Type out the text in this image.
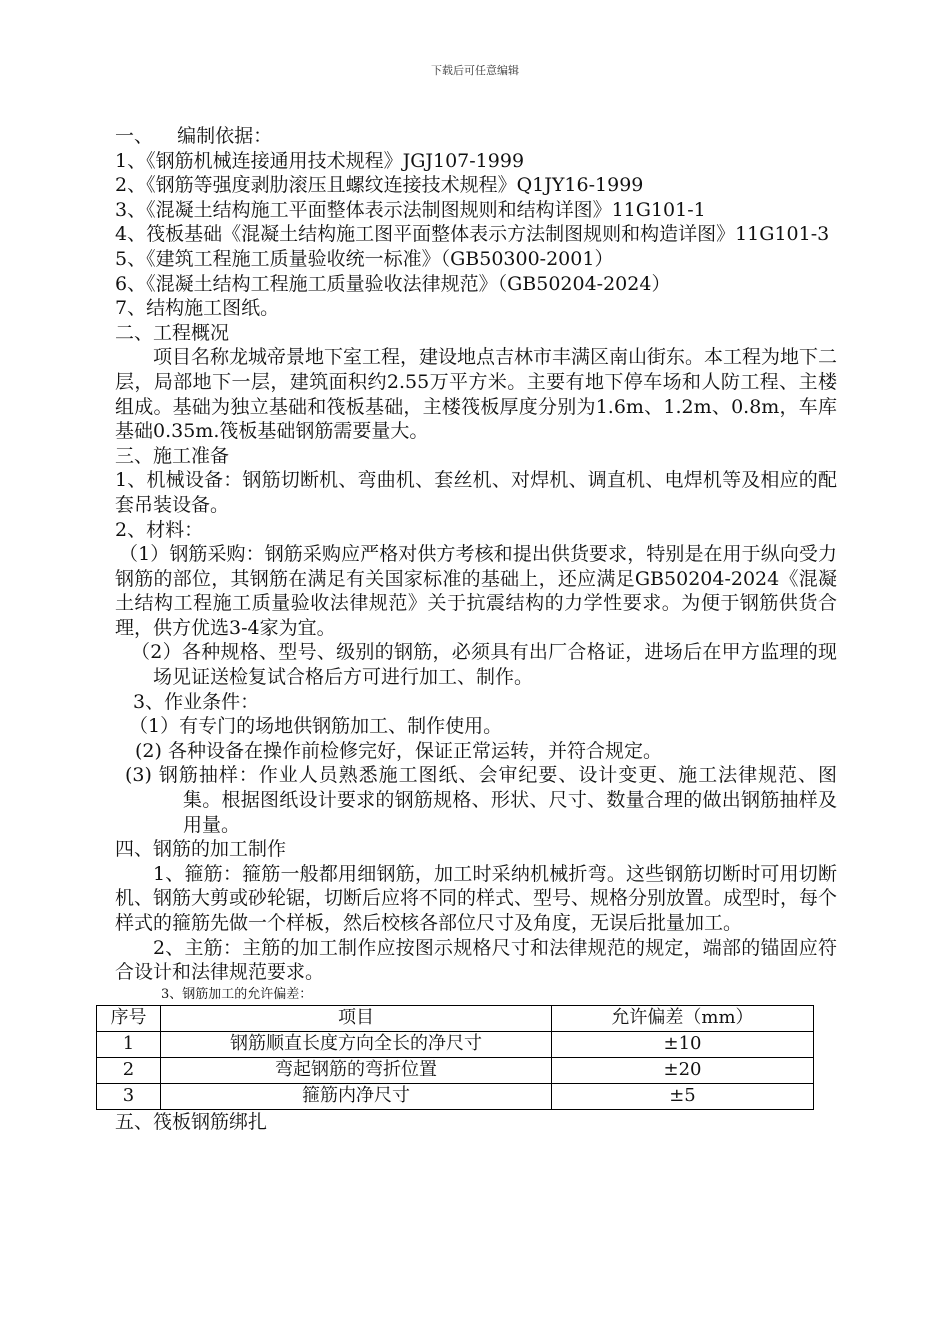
下载后可任意编辑
一、    编制依据：
1、《钢筋机械连接通用技术规程》JGJ107-1999
2、《钢筋等强度剥肋滚压且螺纹连接技术规程》Q1JY16-1999
3、《混凝土结构施工平面整体表示法制图规则和结构详图》11G101-1
4、筏板基础《混凝土结构施工图平面整体表示方法制图规则和构造详图》11G101-3
5、《建筑工程施工质量验收统一标准》（GB50300-2001）
6、《混凝土结构工程施工质量验收法律规范》（GB50204-2024）
7、结构施工图纸。
二、工程概况
项目名称龙城帝景地下室工程，建设地点吉林市丰满区南山街东。本工程为地下二层，局部地下一层，建筑面积约2.55万平方米。主要有地下停车场和人防工程、主楼组成。基础为独立基础和筏板基础，主楼筏板厚度分别为1.6m、1.2m、0.8m，车库基础0.35m.筏板基础钢筋需要量大。
三、施工准备
1、机械设备：钢筋切断机、弯曲机、套丝机、对焊机、调直机、电焊机等及相应的配套吊装设备。
2、材料：
（1）钢筋采购：钢筋采购应严格对供方考核和提出供货要求，特别是在用于纵向受力钢筋的部位，其钢筋在满足有关国家标准的基础上，还应满足GB50204-2024《混凝土结构工程施工质量验收法律规范》关于抗震结构的力学性要求。为便于钢筋供货合理，供方优选3-4家为宜。
（2）各种规格、型号、级别的钢筋，必须具有出厂合格证，进场后在甲方监理的现场见证送检复试合格后方可进行加工、制作。
3、作业条件：
（1）有专门的场地供钢筋加工、制作使用。
(2) 各种设备在操作前检修完好，保证正常运转，并符合规定。
(3) 钢筋抽样：作业人员熟悉施工图纸、会审纪要、设计变更、施工法律规范、图集。根据图纸设计要求的钢筋规格、形状、尺寸、数量合理的做出钢筋抽样及用量。
四、钢筋的加工制作
1、箍筋：箍筋一般都用细钢筋，加工时采纳机械折弯。这些钢筋切断时可用切断机、钢筋大剪或砂轮锯，切断后应将不同的样式、型号、规格分别放置。成型时，每个样式的箍筋先做一个样板，然后校核各部位尺寸及角度，无误后批量加工。
2、主筋：主筋的加工制作应按图示规格尺寸和法律规范的规定，端部的锚固应符合设计和法律规范要求。
3、钢筋加工的允许偏差：
序号	项目	允许偏差（mm）
1	钢筋顺直长度方向全长的净尺寸	±10
2	弯起钢筋的弯折位置	±20
3	箍筋内净尺寸	±5
五、筏板钢筋绑扎
